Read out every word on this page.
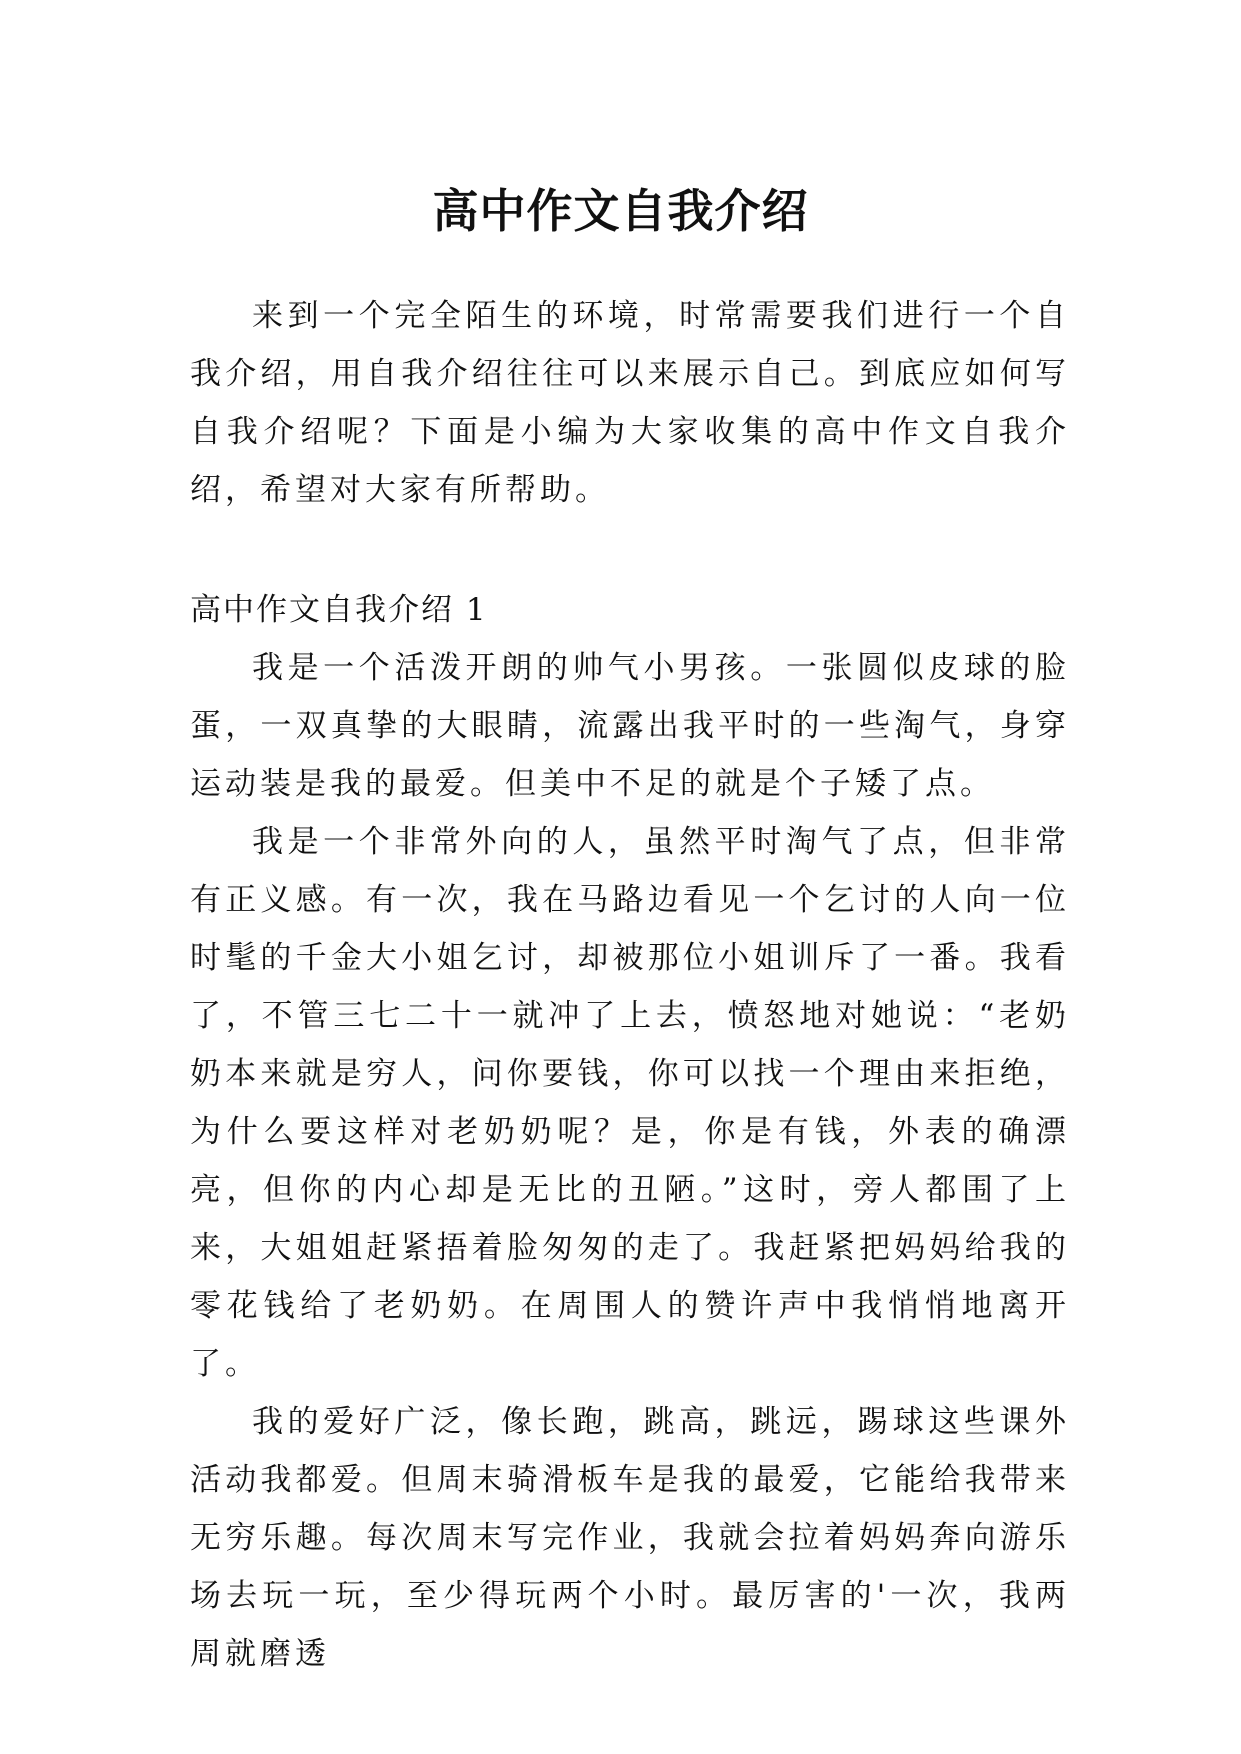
高中作文自我介绍

来到一个完全陌生的环境，时常需要我们进行一个自我介绍，用自我介绍往往可以来展示自己。到底应如何写自我介绍呢？下面是小编为大家收集的高中作文自我介绍，希望对大家有所帮助。

高中作文自我介绍 1

我是一个活泼开朗的帅气小男孩。一张圆似皮球的脸蛋，一双真挚的大眼睛，流露出我平时的一些淘气，身穿运动装是我的最爱。但美中不足的就是个子矮了点。

我是一个非常外向的人，虽然平时淘气了点，但非常有正义感。有一次，我在马路边看见一个乞讨的人向一位时髦的千金大小姐乞讨，却被那位小姐训斥了一番。我看了，不管三七二十一就冲了上去，愤怒地对她说：“老奶奶本来就是穷人，问你要钱，你可以找一个理由来拒绝，为什么要这样对老奶奶呢？是，你是有钱，外表的确漂亮，但你的内心却是无比的丑陋。”这时，旁人都围了上来，大姐姐赶紧捂着脸匆匆的走了。我赶紧把妈妈给我的零花钱给了老奶奶。在周围人的赞许声中我悄悄地离开了。

我的爱好广泛，像长跑，跳高，跳远，踢球这些课外活动我都爱。但周末骑滑板车是我的最爱，它能给我带来无穷乐趣。每次周末写完作业，我就会拉着妈妈奔向游乐场去玩一玩，至少得玩两个小时。最厉害的'一次，我两周就磨透
